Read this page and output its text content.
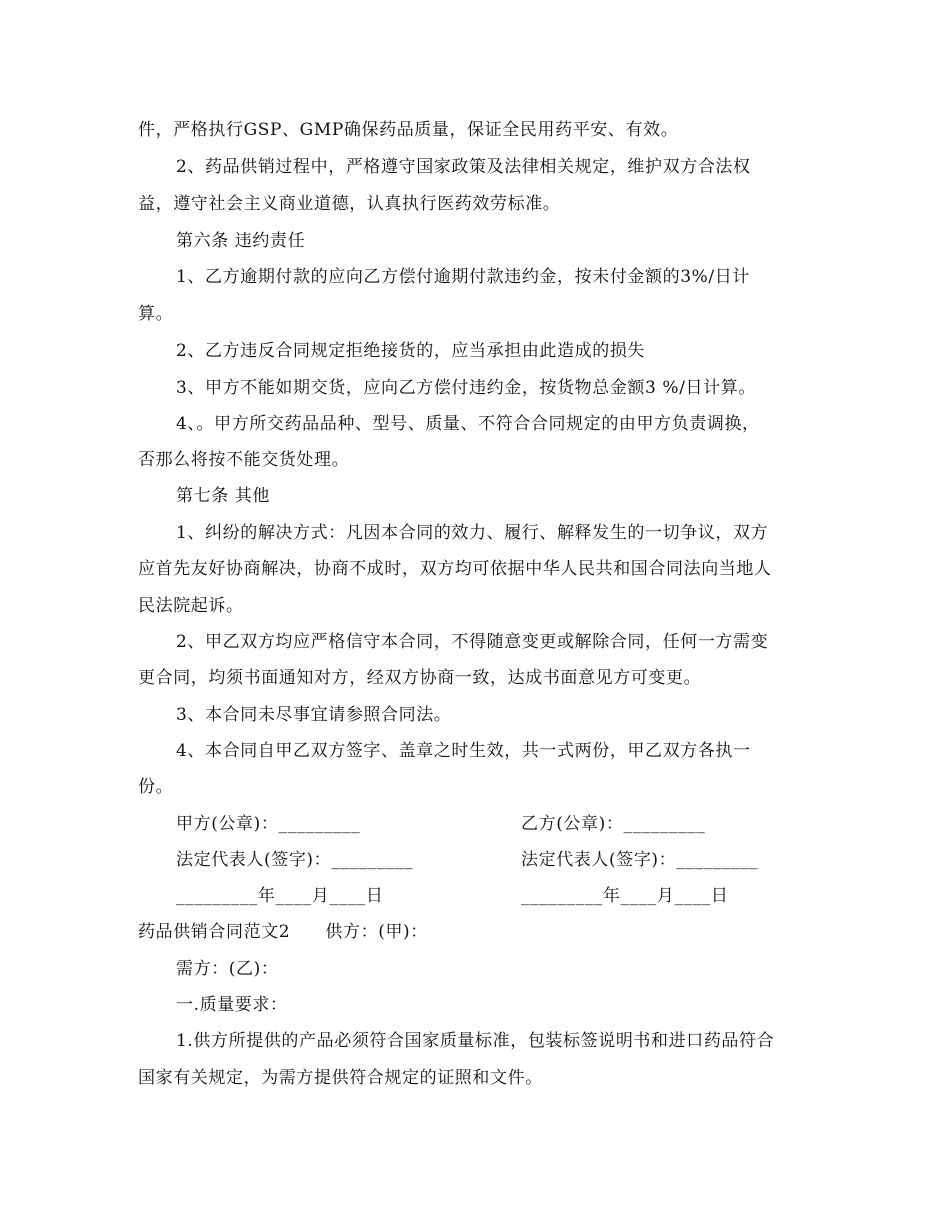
件，严格执行GSP、GMP确保药品质量，保证全民用药平安、有效。
2、药品供销过程中，严格遵守国家政策及法律相关规定，维护双方合法权
益，遵守社会主义商业道德，认真执行医药效劳标准。
第六条 违约责任
1、乙方逾期付款的应向乙方偿付逾期付款违约金，按未付金额的3%/日计
算。
2、乙方违反合同规定拒绝接货的，应当承担由此造成的损失
3、甲方不能如期交货，应向乙方偿付违约金，按货物总金额3 %/日计算。
4、。甲方所交药品品种、型号、质量、不符合合同规定的由甲方负责调换，
否那么将按不能交货处理。
第七条 其他
1、纠纷的解决方式：凡因本合同的效力、履行、解释发生的一切争议，双方
应首先友好协商解决，协商不成时，双方均可依据中华人民共和国合同法向当地人
民法院起诉。
2、甲乙双方均应严格信守本合同，不得随意变更或解除合同，任何一方需变
更合同，均须书面通知对方，经双方协商一致，达成书面意见方可变更。
3、本合同未尽事宜请参照合同法。
4、本合同自甲乙双方签字、盖章之时生效，共一式两份，甲乙双方各执一
份。
甲方(公章)：_________	乙方(公章)：_________
法定代表人(签字)：_________	法定代表人(签字)：_________
_________年____月____日	_________年____月____日
药品供销合同范文2　　供方：(甲)：
需方：(乙)：
一.质量要求：
1.供方所提供的产品必须符合国家质量标准，包装标签说明书和进口药品符合
国家有关规定，为需方提供符合规定的证照和文件。
